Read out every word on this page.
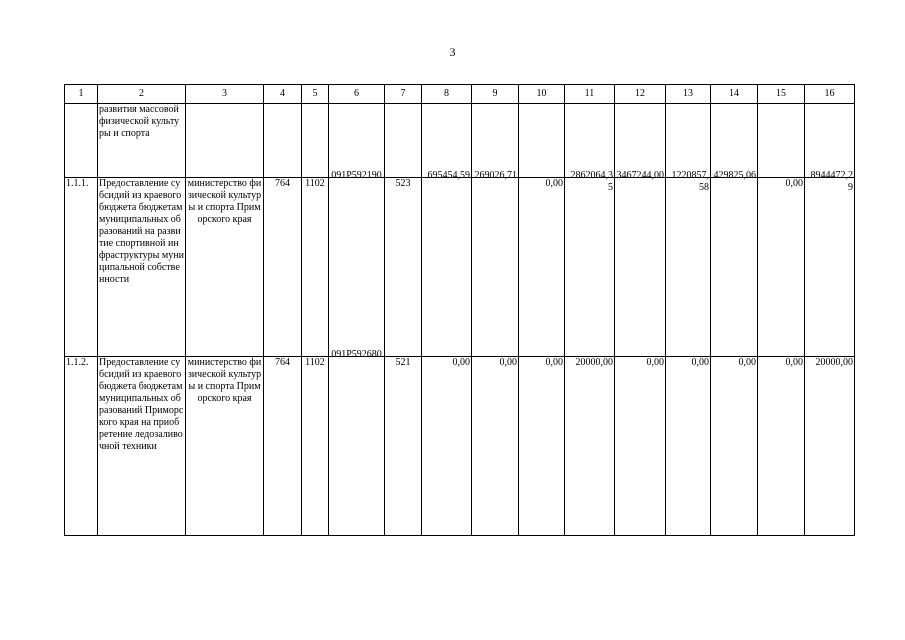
3
1	2	3	4	5	6	7	8	9	10	11	12	13	14	15	16
	развития массовой физической культуры и спорта														
1.1.1.	Предоставление субсидий из краевого бюджета бюджетам муниципальных образований на развитие спортивной инфраструктуры муниципальной собственности	министерство физической культуры и спорта Приморского края	764	1102	091P592190	523	695454,59	269026,71	0,00	2862064,35	3467244,00	1220857,58	429825,06	0,00	8944472,29

1.1.2.	Предоставление субсидий из краевого бюджета бюджетам муниципальных образований Приморского края на приобретение ледозаливочной техники	министерство физической культуры и спорта Приморского края	764	1102	091P592680	521	0,00	0,00	0,00	20000,00	0,00	0,00	0,00	0,00	20000,00
